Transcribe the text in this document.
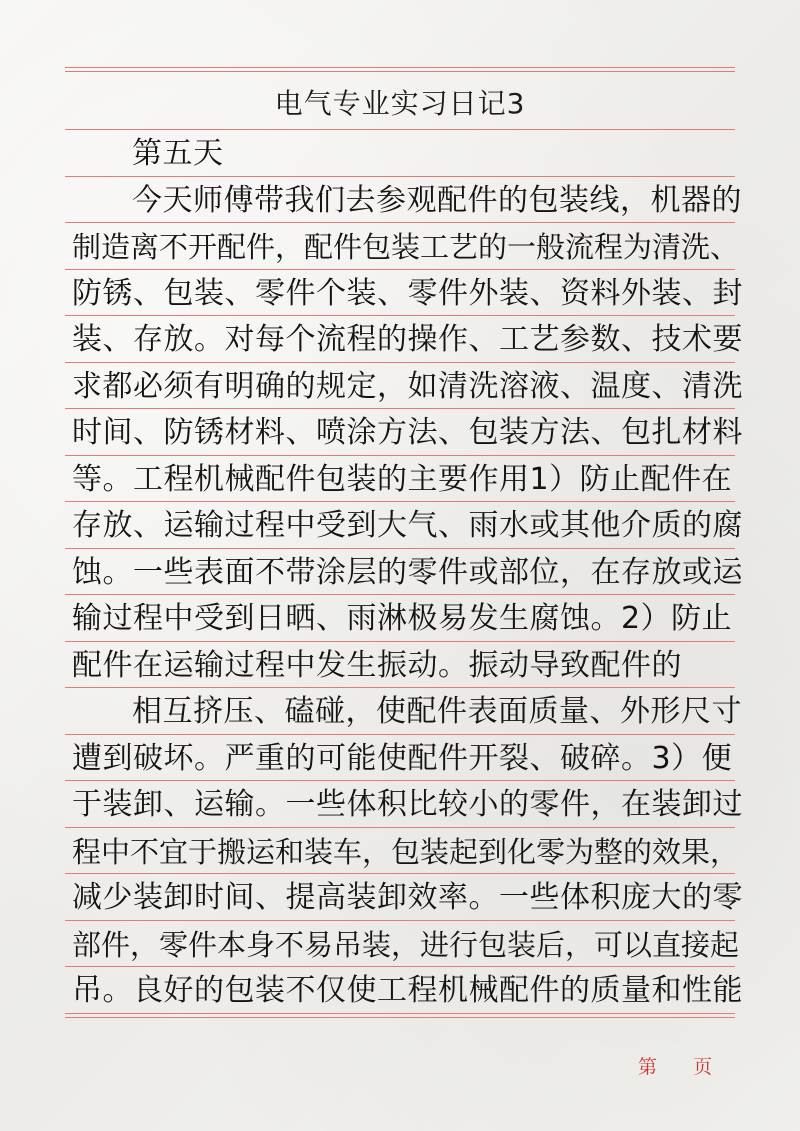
电气专业实习日记3
第五天
今天师傅带我们去参观配件的包装线，机器的
制造离不开配件，配件包装工艺的一般流程为清洗、
防锈、包装、零件个装、零件外装、资料外装、封
装、存放。对每个流程的操作、工艺参数、技术要
求都必须有明确的规定，如清洗溶液、温度、清洗
时间、防锈材料、喷涂方法、包装方法、包扎材料
等。工程机械配件包装的主要作用1）防止配件在
存放、运输过程中受到大气、雨水或其他介质的腐
蚀。一些表面不带涂层的零件或部位，在存放或运
输过程中受到日晒、雨淋极易发生腐蚀。2）防止
配件在运输过程中发生振动。振动导致配件的
相互挤压、磕碰，使配件表面质量、外形尺寸
遭到破坏。严重的可能使配件开裂、破碎。3）便
于装卸、运输。一些体积比较小的零件，在装卸过
程中不宜于搬运和装车，包装起到化零为整的效果，
减少装卸时间、提高装卸效率。一些体积庞大的零
部件，零件本身不易吊装，进行包装后，可以直接起
吊。良好的包装不仅使工程机械配件的质量和性能
第 页
